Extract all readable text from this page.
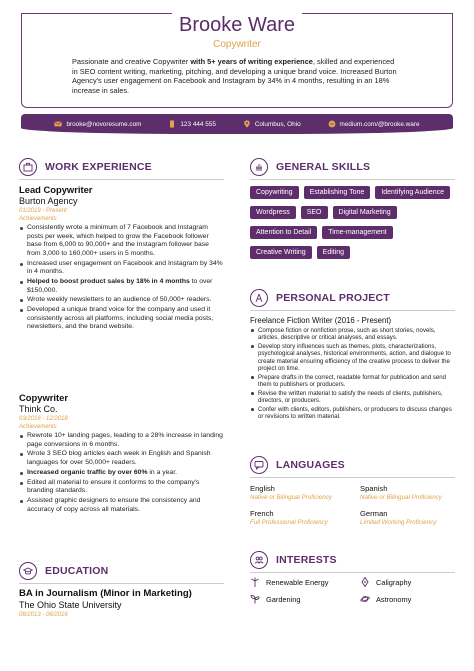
Brooke Ware
Copywriter
Passionate and creative Copywriter with 5+ years of writing experience, skilled and experienced in SEO content writing, marketing, pitching, and developing a unique brand voice. Increased Burton Agency's user engagement on Facebook and Instagram by 34% in 4 months, resulting in an 18% increase in sales.
brooke@novoresume.com	123 444 555	Columbus, Ohio	medium.com/@brooke.ware
WORK EXPERIENCE
Lead Copywriter
Burton Agency
01/2019 - Present
Achievements
Consistently wrote a minimum of 7 Facebook and Instagram posts per week, which helped to grow the Facebook follower base from 6,000 to 90,000+ and the Instagram follower base from 3,000 to 160,000+ users in 5 months.
Increased user engagement on Facebook and Instagram by 34% in 4 months.
Helped to boost product sales by 18% in 4 months to over $150,000.
Wrote weekly newsletters to an audience of 50,000+ readers.
Developed a unique brand voice for the company and used it consistently across all platforms, including social media posts, newsletters, and the brand website.
Copywriter
Think Co.
03/2016 - 12/2018
Achievements
Rewrote 10+ landing pages, leading to a 28% increase in landing page conversions in 6 months.
Wrote 3 SEO blog articles each week in English and Spanish languages for over 50,000+ readers.
Increased organic traffic by over 60% in a year.
Edited all material to ensure it conforms to the company's branding standards.
Assisted graphic designers to ensure the consistency and accuracy of copy across all materials.
EDUCATION
BA in Journalism (Minor in Marketing)
The Ohio State University
08/2013 - 06/2016
GENERAL SKILLS
Copywriting	Establishing Tone	Identifying Audience
Wordpress	SEO	Digital Marketing
Attention to Detail	Time-management
Creative Writing	Editing
PERSONAL PROJECT
Freelance Fiction Writer (2016 - Present)
Compose fiction or nonfiction prose, such as short stories, novels, articles, descriptive or critical analyses, and essays.
Develop story influences such as themes, plots, characterizations, psychological analyses, historical environments, action, and dialogue to create material ensuring efficiency of the creative process to deliver the project on time.
Prepare drafts in the correct, readable format for publication and send them to publishers or producers.
Revise the written material to satisfy the needs of clients, publishers, directors, or producers.
Confer with clients, editors, publishers, or producers to discuss changes or revisions to written material.
LANGUAGES
English
Native or Bilingual Proficiency
Spanish
Native or Bilingual Proficiency
French
Full Professional Proficiency
German
Limited Working Proficiency
INTERESTS
Renewable Energy	Caligraphy
Gardening	Astronomy
